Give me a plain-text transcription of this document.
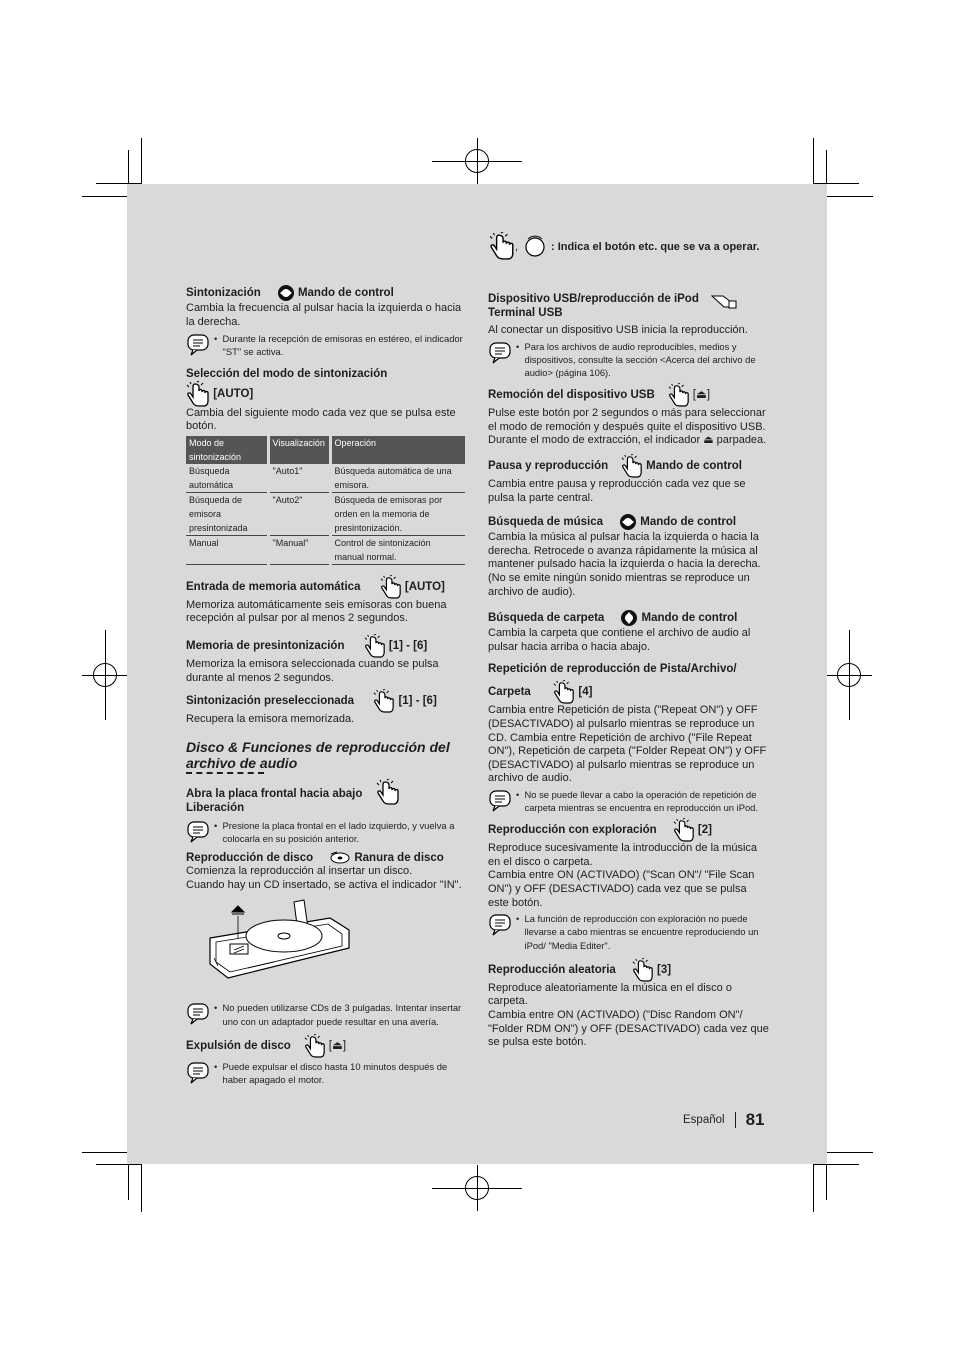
,	: Indica el botón etc. que se va a operar.
Sintonización	Mando de control

Cambia la frecuencia al pulsar hacia la izquierda o hacia la derecha.

• Durante la recepción de emisoras en estéreo, el indicador "ST" se activa.
Selección del modo de sintonización
[AUTO]

Cambia del siguiente modo cada vez que se pulsa este botón.

Modo de sintonización	Visualización	Operación
Búsqueda automática	"Auto1"	Búsqueda automática de una emisora.
Búsqueda de emisora presintonizada	"Auto2"	Búsqueda de emisoras por orden en la memoria de presintonización.
Manual	"Manual"	Control de sintonización manual normal.
Entrada de memoria automática	[AUTO]

Memoriza automáticamente seis emisoras con buena recepción al pulsar por al menos 2 segundos.

Memoria de presintonización	[1] - [6]

Memoriza la emisora seleccionada cuando se pulsa durante al menos 2 segundos.

Sintonización preseleccionada	[1] - [6]

Recupera la emisora memorizada.

Disco & Funciones de reproducción del archivo de audio
Abra la placa frontal hacia abajo
Liberación
• Presione la placa frontal en el lado izquierdo, y vuelva a colocarla en su posición anterior.
Reproducción de disco	Ranura de disco

Comienza la reproducción al insertar un disco.

Cuando hay un CD insertado, se activa el indicador "IN".

• No pueden utilizarse CDs de 3 pulgadas. Intentar insertar uno con un adaptador puede resultar en una avería.
Expulsión de disco	[⏏]
• Puede expulsar el disco hasta 10 minutos después de haber apagado el motor.
Dispositivo USB/reproducción de iPod
Terminal USB

Al conectar un dispositivo USB inicia la reproducción.

• Para los archivos de audio reproducibles, medios y dispositivos, consulte la sección <Acerca del archivo de audio> (página 106).
Remoción del dispositivo USB	[⏏]

Pulse este botón por 2 segundos o más para seleccionar el modo de remoción y después quite el dispositivo USB. Durante el modo de extracción, el indicador ⏏ parpadea.

Pausa y reproducción	Mando de control

Cambia entre pausa y reproducción cada vez que se pulsa la parte central.

Búsqueda de música	Mando de control

Cambia la música al pulsar hacia la izquierda o hacia la derecha. Retrocede o avanza rápidamente la música al mantener pulsado hacia la izquierda o hacia la derecha. (No se emite ningún sonido mientras se reproduce un archivo de audio).

Búsqueda de carpeta	Mando de control

Cambia la carpeta que contiene el archivo de audio al pulsar hacia arriba o hacia abajo.

Repetición de reproducción de Pista/Archivo/
Carpeta	[4]

Cambia entre Repetición de pista ("Repeat ON") y OFF (DESACTIVADO) al pulsarlo mientras se reproduce un CD. Cambia entre Repetición de archivo ("File Repeat ON"), Repetición de carpeta ("Folder Repeat ON") y OFF (DESACTIVADO) al pulsarlo mientras se reproduce un archivo de audio.

• No se puede llevar a cabo la operación de repetición de carpeta mientras se encuentra en reproducción un iPod.
Reproducción con exploración	[2]

Reproduce sucesivamente la introducción de la música en el disco o carpeta.

Cambia entre ON (ACTIVADO) ("Scan ON"/ "File Scan ON") y OFF (DESACTIVADO) cada vez que se pulsa este botón.

• La función de reproducción con exploración no puede llevarse a cabo mientras se encuentre reproduciendo un iPod/ "Media Editer".
Reproducción aleatoria	[3]

Reproduce aleatoriamente la música en el disco o carpeta.

Cambia entre ON (ACTIVADO) ("Disc Random ON"/ "Folder RDM ON") y OFF (DESACTIVADO) cada vez que se pulsa este botón.

Español 81
